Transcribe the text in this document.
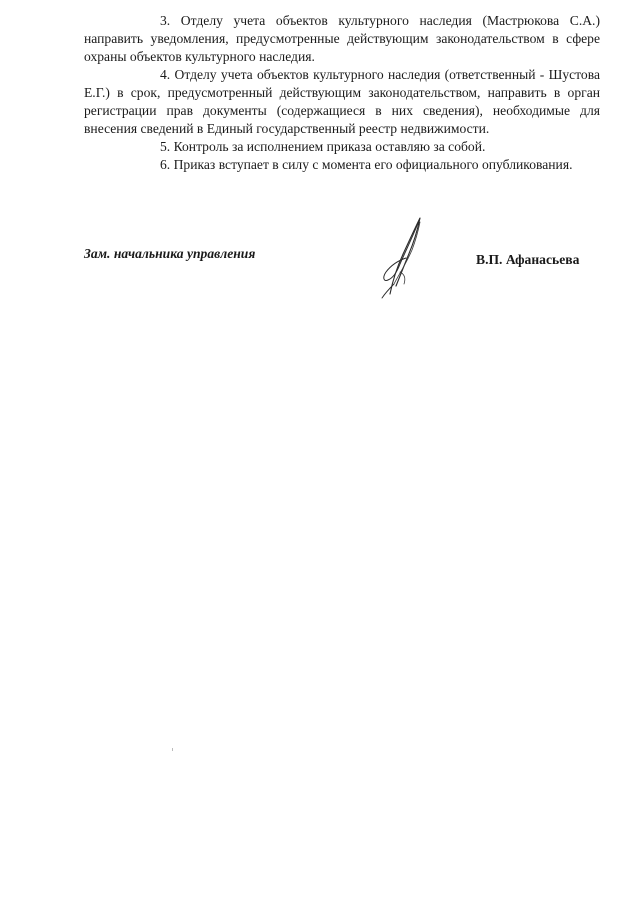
3. Отделу учета объектов культурного наследия (Мастрюкова С.А.) направить уведомления, предусмотренные действующим законодательством в сфере охраны объектов культурного наследия.

4. Отделу учета объектов культурного наследия (ответственный - Шустова Е.Г.) в срок, предусмотренный действующим законодательством, направить в орган регистрации прав документы (содержащиеся в них сведения), необходимые для внесения сведений в Единый государственный реестр недвижимости.

5. Контроль за исполнением приказа оставляю за собой.

6. Приказ вступает в силу с момента его официального опубликования.

Зам. начальника управления	В.П. Афанасьева
